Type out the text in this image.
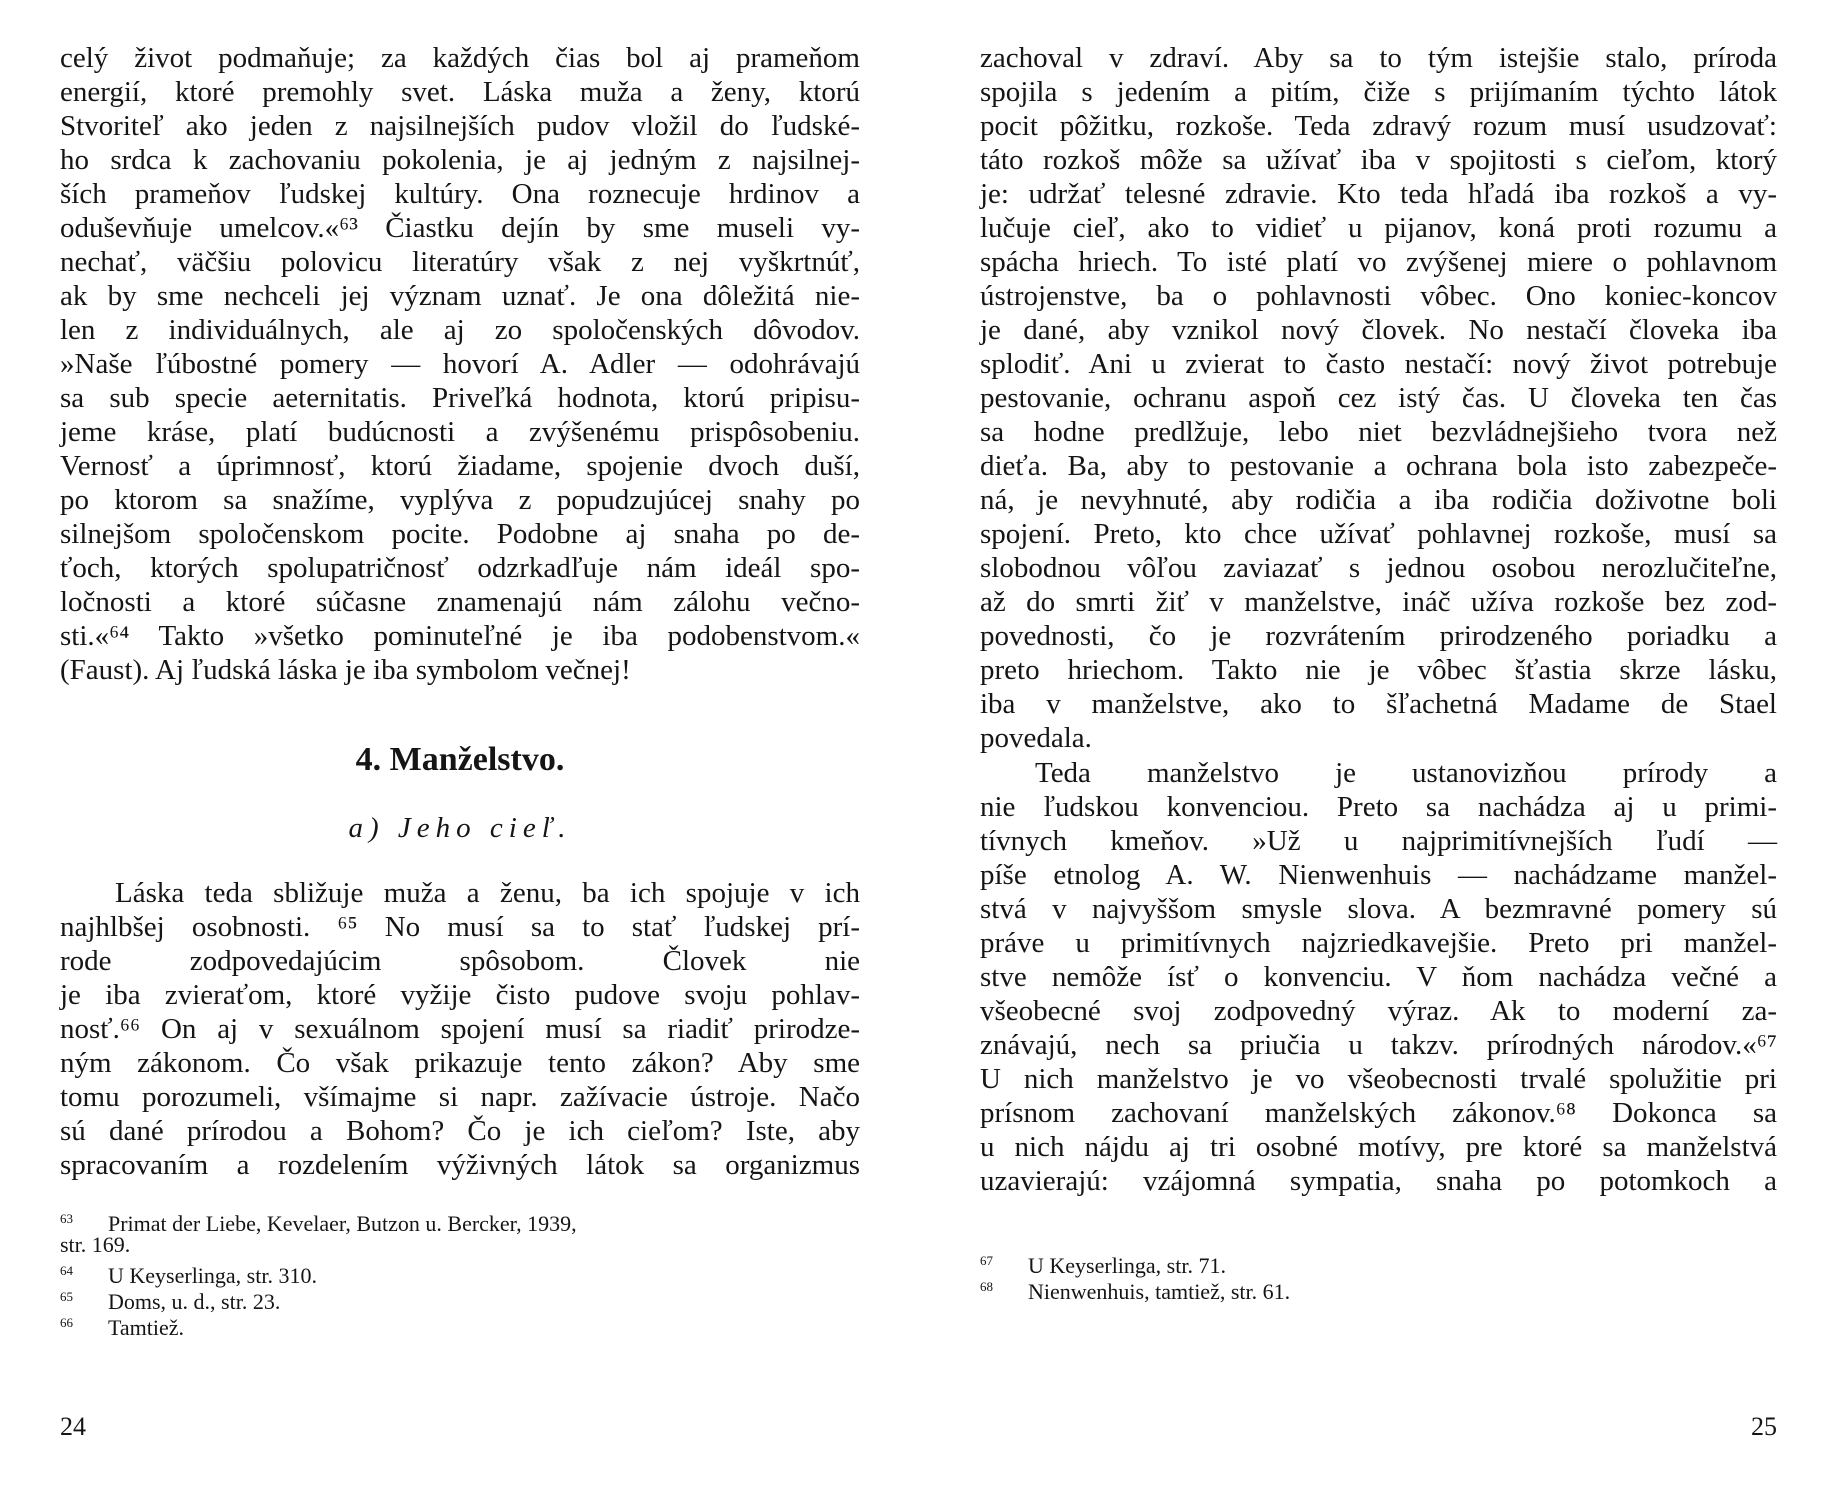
celý život podmaňuje; za každých čias bol aj prameňom
energií, ktoré premohly svet. Láska muža a ženy, ktorú
Stvoriteľ ako jeden z najsilnejších pudov vložil do ľudské-
ho srdca k zachovaniu pokolenia, je aj jedným z najsilnej-
ších prameňov ľudskej kultúry. Ona roznecuje hrdinov a
oduševňuje umelcov.«⁶³ Čiastku dejín by sme museli vy-
nechať, väčšiu polovicu literatúry však z nej vyškrtnúť,
ak by sme nechceli jej význam uznať. Je ona dôležitá nie-
len z individuálnych, ale aj zo spoločenských dôvodov.
»Naše ľúbostné pomery — hovorí A. Adler — odohrávajú
sa sub specie aeternitatis. Priveľká hodnota, ktorú pripisu-
jeme kráse, platí budúcnosti a zvýšenému prispôsobeniu.
Vernosť a úprimnosť, ktorú žiadame, spojenie dvoch duší,
po ktorom sa snažíme, vyplýva z popudzujúcej snahy po
silnejšom spoločenskom pocite. Podobne aj snaha po de-
ťoch, ktorých spolupatričnosť odzrkadľuje nám ideál spo-
ločnosti a ktoré súčasne znamenajú nám zálohu večno-
sti.«⁶⁴ Takto »všetko pominuteľné je iba podobenstvom.«
(Faust). Aj ľudská láska je iba symbolom večnej!
4. Manželstvo.
a) Jeho cieľ.
Láska teda sbližuje muža a ženu, ba ich spojuje v ich
najhlbšej osobnosti. ⁶⁵ No musí sa to stať ľudskej prí-
rode zodpovedajúcim spôsobom. Človek nie
je iba zvieraťom, ktoré vyžije čisto pudove svoju pohlav-
nosť.⁶⁶ On aj v sexuálnom spojení musí sa riadiť prirodze-
ným zákonom. Čo však prikazuje tento zákon? Aby sme
tomu porozumeli, všímajme si napr. zažívacie ústroje. Načo
sú dané prírodou a Bohom? Čo je ich cieľom? Iste, aby
spracovaním a rozdelením výživných látok sa organizmus
63 Primat der Liebe, Kevelaer, Butzon u. Bercker, 1939,
str. 169.
64 U Keyserlinga, str. 310.
65 Doms, u. d., str. 23.
66 Tamtiež.
24
zachoval v zdraví. Aby sa to tým istejšie stalo, príroda
spojila s jedením a pitím, čiže s prijímaním týchto látok
pocit pôžitku, rozkoše. Teda zdravý rozum musí usudzovať:
táto rozkoš môže sa užívať iba v spojitosti s cieľom, ktorý
je: udržať telesné zdravie. Kto teda hľadá iba rozkoš a vy-
lučuje cieľ, ako to vidieť u pijanov, koná proti rozumu a
spácha hriech. To isté platí vo zvýšenej miere o pohlavnom
ústrojenstve, ba o pohlavnosti vôbec. Ono koniec-koncov
je dané, aby vznikol nový človek. No nestačí človeka iba
splodiť. Ani u zvierat to často nestačí: nový život potrebuje
pestovanie, ochranu aspoň cez istý čas. U človeka ten čas
sa hodne predlžuje, lebo niet bezvládnejšieho tvora než
dieťa. Ba, aby to pestovanie a ochrana bola isto zabezpeče-
ná, je nevyhnuté, aby rodičia a iba rodičia doživotne boli
spojení. Preto, kto chce užívať pohlavnej rozkoše, musí sa
slobodnou vôľou zaviazať s jednou osobou nerozlučiteľne,
až do smrti žiť v manželstve, ináč užíva rozkoše bez zod-
povednosti, čo je rozvrátením prirodzeného poriadku a
preto hriechom. Takto nie je vôbec šťastia skrze lásku,
iba v manželstve, ako to šľachetná Madame de Stael
povedala.
Teda manželstvo je ustanovizňou prírody a
nie ľudskou konvenciou. Preto sa nachádza aj u primi-
tívnych kmeňov. »Už u najprimitívnejších ľudí —
píše etnolog A. W. Nienwenhuis — nachádzame manžel-
stvá v najvyššom smysle slova. A bezmravné pomery sú
práve u primitívnych najzriedkavejšie. Preto pri manžel-
stve nemôže ísť o konvenciu. V ňom nachádza večné a
všeobecné svoj zodpovedný výraz. Ak to moderní za-
znávajú, nech sa priučia u takzv. prírodných národov.«⁶⁷
U nich manželstvo je vo všeobecnosti trvalé spolužitie pri
prísnom zachovaní manželských zákonov.⁶⁸ Dokonca sa
u nich nájdu aj tri osobné motívy, pre ktoré sa manželstvá
uzavierajú: vzájomná sympatia, snaha po potomkoch a
67 U Keyserlinga, str. 71.
68 Nienwenhuis, tamtiež, str. 61.
25
